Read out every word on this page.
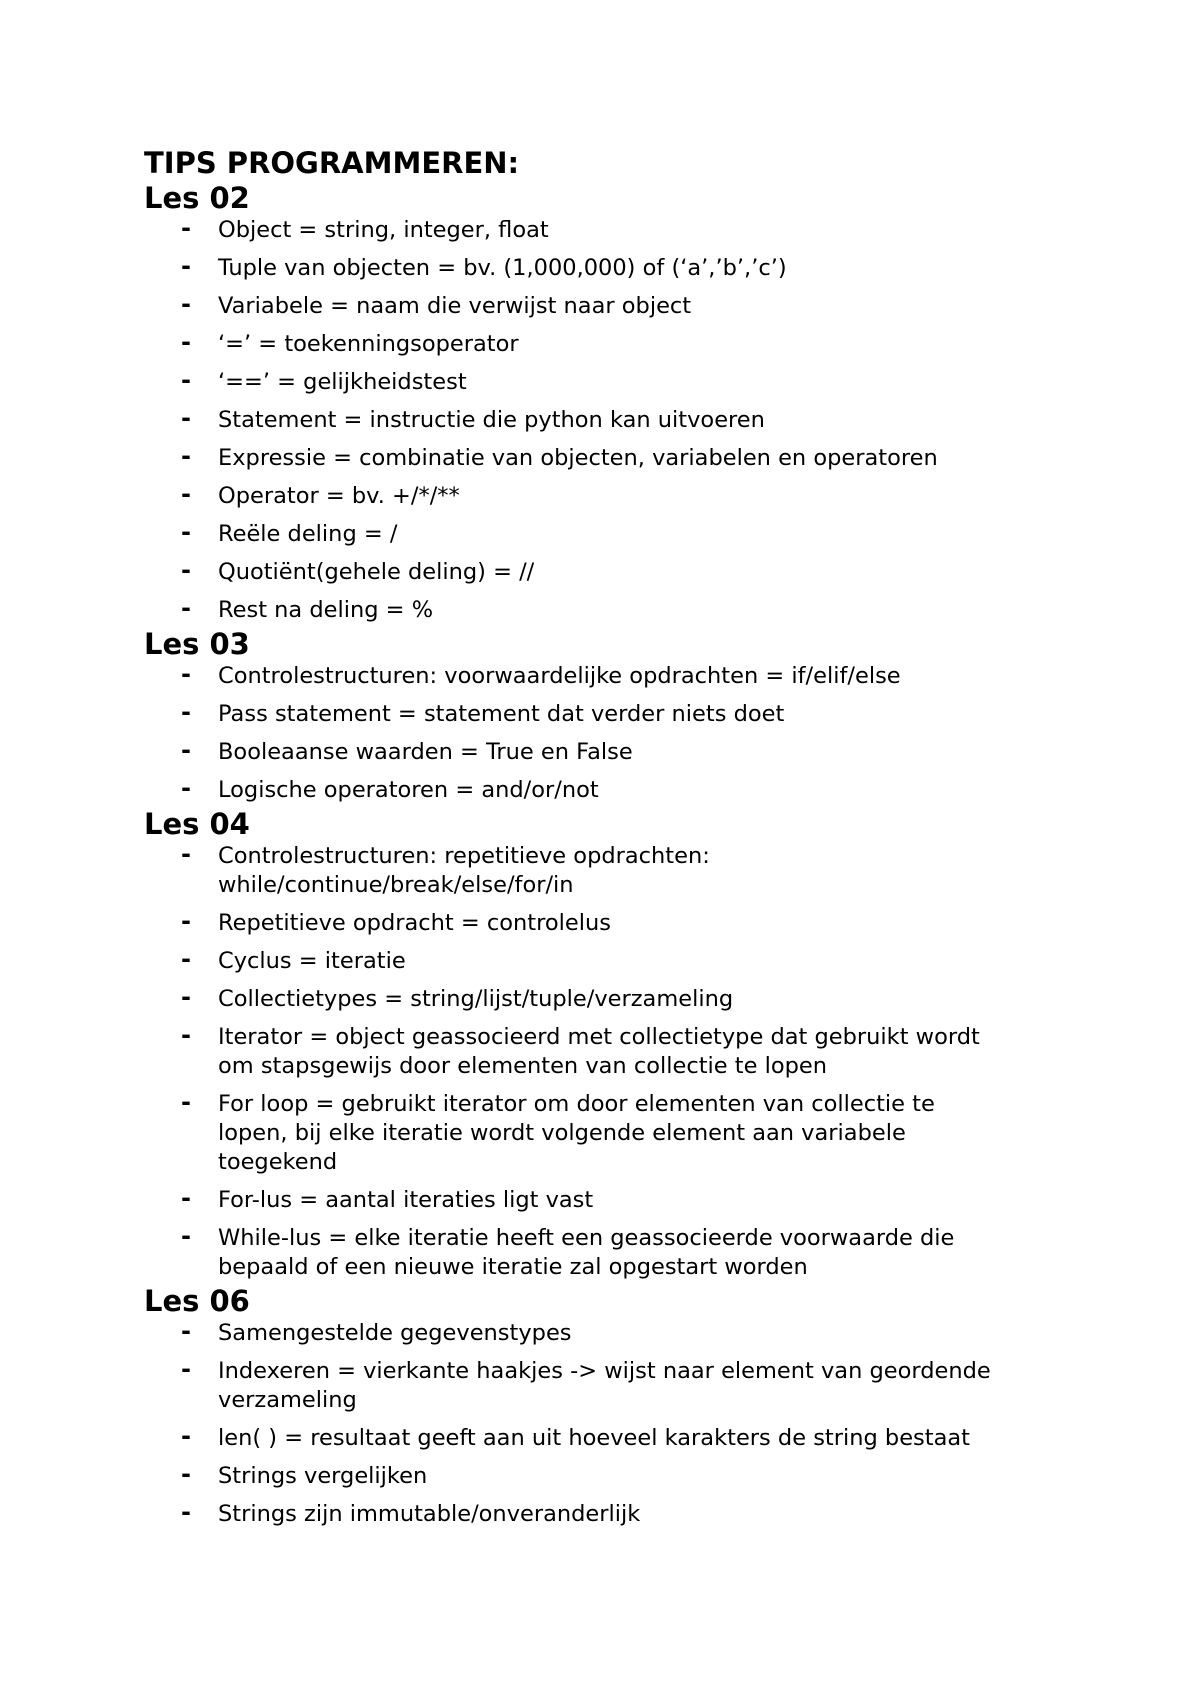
TIPS PROGRAMMEREN:
Les 02
- Object = string, integer, float
- Tuple van objecten = bv. (1,000,000) of (‘a’,’b’,’c’)
- Variabele = naam die verwijst naar object
- ‘=’ = toekenningsoperator
- ‘==’ = gelijkheidstest
- Statement = instructie die python kan uitvoeren
- Expressie = combinatie van objecten, variabelen en operatoren
- Operator = bv. +/*/**
- Reële deling = /
- Quotiënt(gehele deling) = //
- Rest na deling = %
Les 03
- Controlestructuren: voorwaardelijke opdrachten = if/elif/else
- Pass statement = statement dat verder niets doet
- Booleaanse waarden = True en False
- Logische operatoren = and/or/not
Les 04
- Controlestructuren: repetitieve opdrachten: while/continue/break/else/for/in
- Repetitieve opdracht = controlelus
- Cyclus = iteratie
- Collectietypes = string/lijst/tuple/verzameling
- Iterator = object geassocieerd met collectietype dat gebruikt wordt om stapsgewijs door elementen van collectie te lopen
- For loop = gebruikt iterator om door elementen van collectie te lopen, bij elke iteratie wordt volgende element aan variabele toegekend
- For-lus = aantal iteraties ligt vast
- While-lus = elke iteratie heeft een geassocieerde voorwaarde die bepaald of een nieuwe iteratie zal opgestart worden
Les 06
- Samengestelde gegevenstypes
- Indexeren = vierkante haakjes -> wijst naar element van geordende verzameling
- len( ) = resultaat geeft aan uit hoeveel karakters de string bestaat
- Strings vergelijken
- Strings zijn immutable/onveranderlijk
